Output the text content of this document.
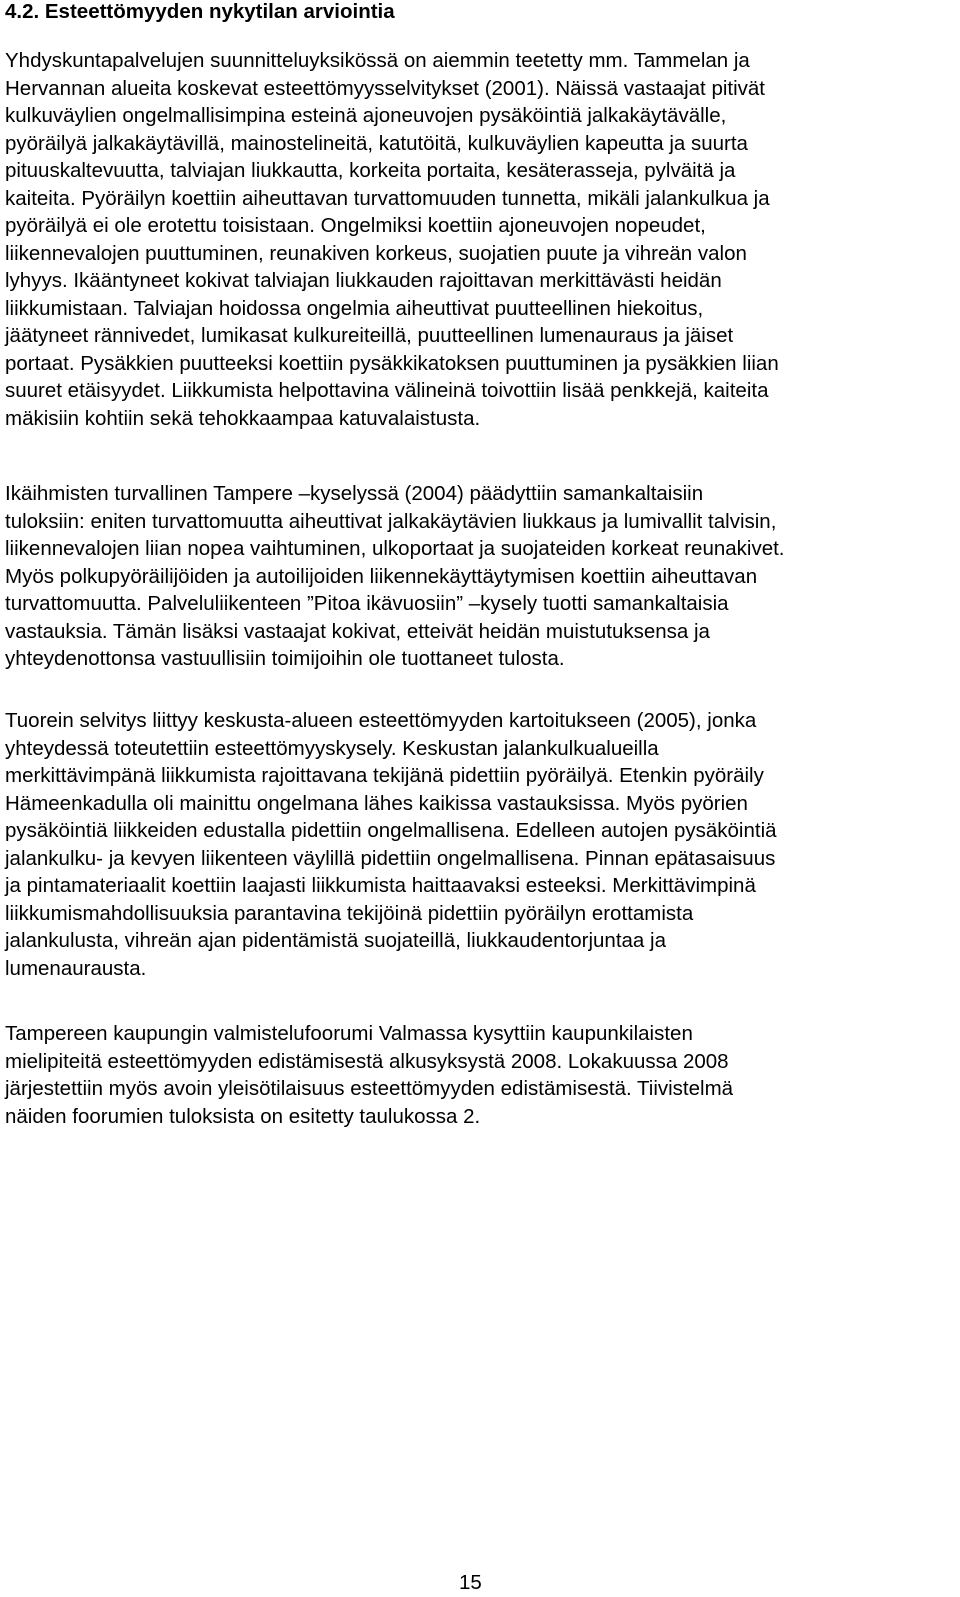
4.2. Esteettömyyden nykytilan arviointia

Yhdyskuntapalvelujen suunnitteluyksikössä on aiemmin teetetty mm. Tammelan ja
Hervannan alueita koskevat esteettömyysselvitykset (2001). Näissä vastaajat pitivät
kulkuväylien ongelmallisimpina esteinä ajoneuvojen pysäköintiä jalkakäytävälle,
pyöräilyä jalkakäytävillä, mainostelineitä, katutöitä, kulkuväylien kapeutta ja suurta
pituuskaltevuutta, talviajan liukkautta, korkeita portaita, kesäterasseja, pylväitä ja
kaiteita. Pyöräilyn koettiin aiheuttavan turvattomuuden tunnetta, mikäli jalankulkua ja
pyöräilyä ei ole erotettu toisistaan. Ongelmiksi koettiin ajoneuvojen nopeudet,
liikennevalojen puuttuminen, reunakiven korkeus, suojatien puute ja vihreän valon
lyhyys. Ikääntyneet kokivat talviajan liukkauden rajoittavan merkittävästi heidän
liikkumistaan. Talviajan hoidossa ongelmia aiheuttivat puutteellinen hiekoitus,
jäätyneet rännivedet, lumikasat kulkureiteillä, puutteellinen lumenauraus ja jäiset
portaat. Pysäkkien puutteeksi koettiin pysäkkikatoksen puuttuminen ja pysäkkien liian
suuret etäisyydet. Liikkumista helpottavina välineinä toivottiin lisää penkkejä, kaiteita
mäkisiin kohtiin sekä tehokkaampaa katuvalaistusta.

Ikäihmisten turvallinen Tampere –kyselyssä (2004) päädyttiin samankaltaisiin
tuloksiin: eniten turvattomuutta aiheuttivat jalkakäytävien liukkaus ja lumivallit talvisin,
liikennevalojen liian nopea vaihtuminen, ulkoportaat ja suojateiden korkeat reunakivet.
Myös polkupyöräilijöiden ja autoilijoiden liikennekäyttäytymisen koettiin aiheuttavan
turvattomuutta. Palveluliikenteen ”Pitoa ikävuosiin” –kysely tuotti samankaltaisia
vastauksia. Tämän lisäksi vastaajat kokivat, etteivät heidän muistutuksensa ja
yhteydenottonsa vastuullisiin toimijoihin ole tuottaneet tulosta.

Tuorein selvitys liittyy keskusta-alueen esteettömyyden kartoitukseen (2005), jonka
yhteydessä toteutettiin esteettömyyskysely. Keskustan jalankulkualueilla
merkittävimpänä liikkumista rajoittavana tekijänä pidettiin pyöräilyä. Etenkin pyöräily
Hämeenkadulla oli mainittu ongelmana lähes kaikissa vastauksissa. Myös pyörien
pysäköintiä liikkeiden edustalla pidettiin ongelmallisena. Edelleen autojen pysäköintiä
jalankulku- ja kevyen liikenteen väylillä pidettiin ongelmallisena. Pinnan epätasaisuus
ja pintamateriaalit koettiin laajasti liikkumista haittaavaksi esteeksi. Merkittävimpinä
liikkumismahdollisuuksia parantavina tekijöinä pidettiin pyöräilyn erottamista
jalankulusta, vihreän ajan pidentämistä suojateillä, liukkaudentorjuntaa ja
lumenaurausta.

Tampereen kaupungin valmistelufoorumi Valmassa kysyttiin kaupunkilaisten
mielipiteitä esteettömyyden edistämisestä alkusyksystä 2008. Lokakuussa 2008
järjestettiin myös avoin yleisötilaisuus esteettömyyden edistämisestä. Tiivistelmä
näiden foorumien tuloksista on esitetty taulukossa 2.

15
